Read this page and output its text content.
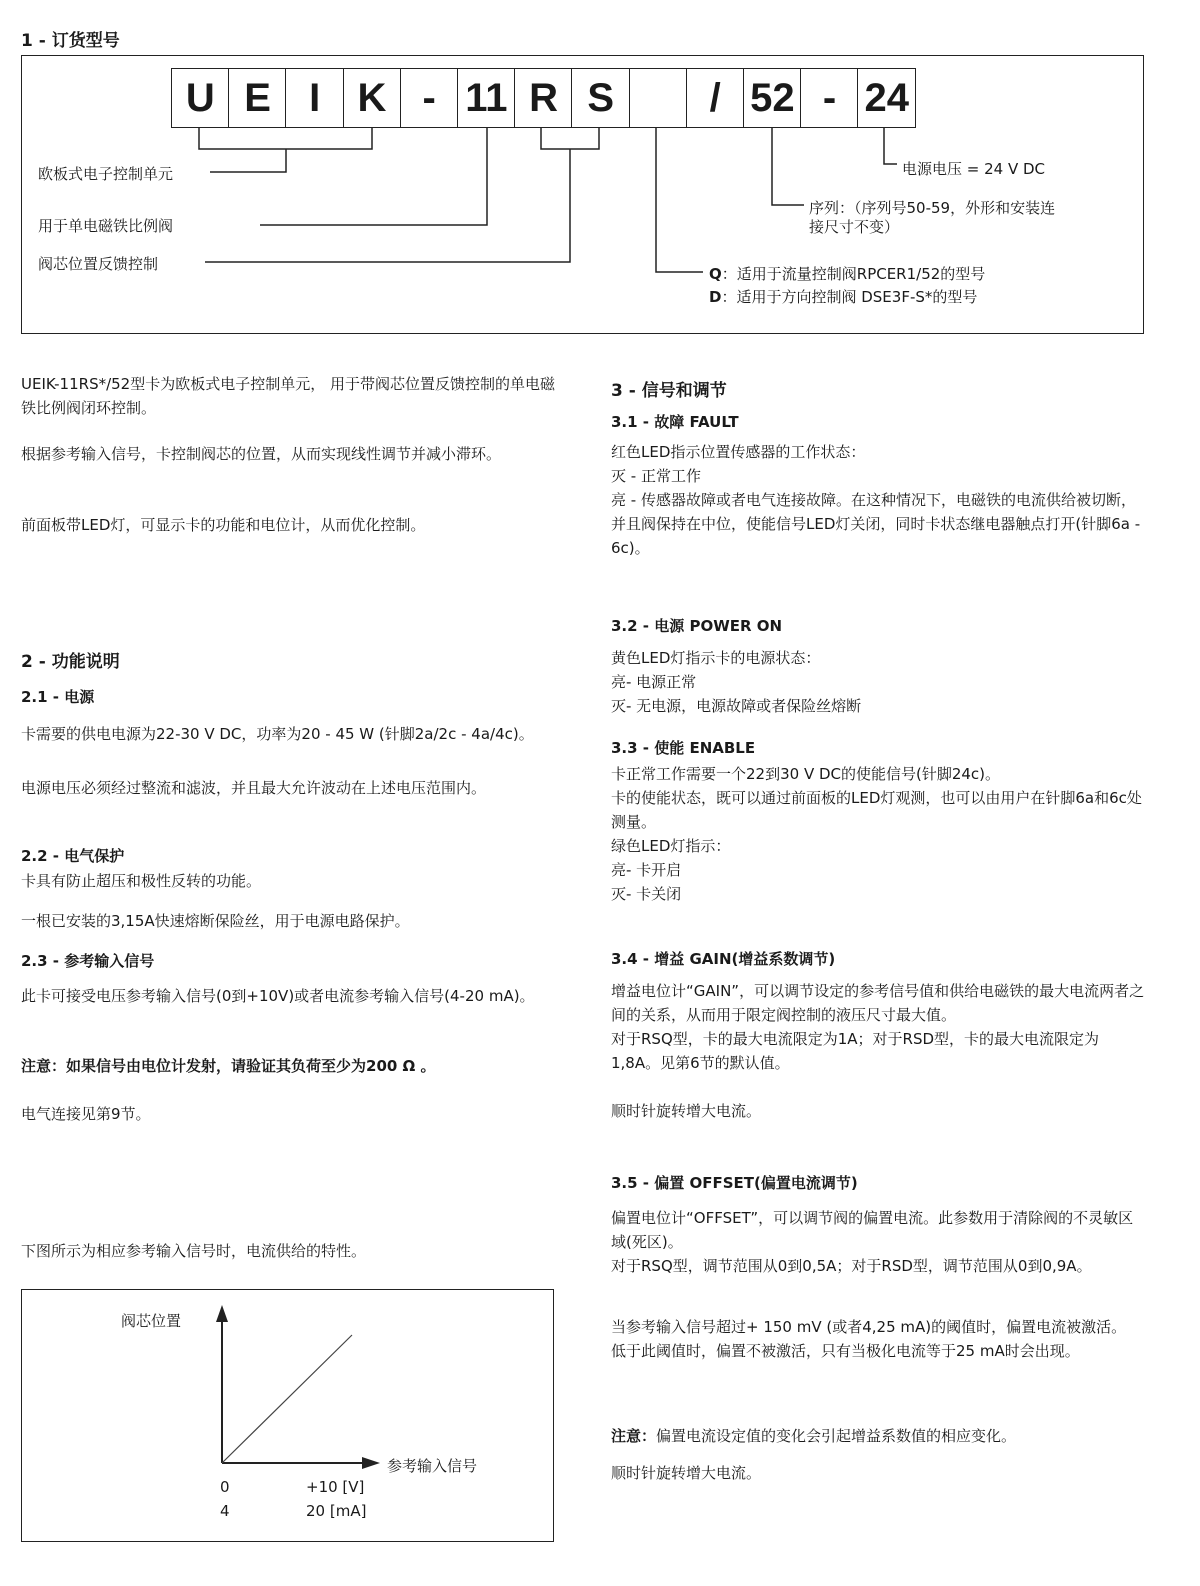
1 - 订货型号
U E I K - 11 R S	/ 52 - 24
欧板式电子控制单元
用于单电磁铁比例阀
阀芯位置反馈控制
电源电压 = 24 V DC
序列：（序列号50-59，外形和安装连
接尺寸不变）
Q：适用于流量控制阀RPCER1/52的型号
D：适用于方向控制阀 DSE3F-S*的型号
UEIK-11RS*/52型卡为欧板式电子控制单元， 用于带阀芯位置反馈控制的单电磁铁比例阀闭环控制。
根据参考输入信号，卡控制阀芯的位置，从而实现线性调节并减小滞环。
前面板带LED灯，可显示卡的功能和电位计，从而优化控制。
2 - 功能说明
2.1 - 电源
卡需要的供电电源为22-30 V DC，功率为20 - 45 W (针脚2a/2c - 4a/4c)。
电源电压必须经过整流和滤波，并且最大允许波动在上述电压范围内。
2.2 - 电气保护
卡具有防止超压和极性反转的功能。
一根已安装的3,15A快速熔断保险丝，用于电源电路保护。
2.3 - 参考输入信号
此卡可接受电压参考输入信号(0到+10V)或者电流参考输入信号(4-20 mA)。
注意：如果信号由电位计发射，请验证其负荷至少为200 Ω 。
电气连接见第9节。
下图所示为相应参考输入信号时，电流供给的特性。
阀芯位置
参考输入信号
0	+10 [V]
4	20 [mA]
3 - 信号和调节
3.1 - 故障 FAULT
红色LED指示位置传感器的工作状态：
灭 - 正常工作
亮 - 传感器故障或者电气连接故障。在这种情况下，电磁铁的电流供给被切断，并且阀保持在中位，使能信号LED灯关闭，同时卡状态继电器触点打开(针脚6a - 6c)。
3.2 - 电源 POWER ON
黄色LED灯指示卡的电源状态：
亮- 电源正常
灭- 无电源，电源故障或者保险丝熔断
3.3 - 使能 ENABLE
卡正常工作需要一个22到30 V DC的使能信号(针脚24c)。
卡的使能状态，既可以通过前面板的LED灯观测，也可以由用户在针脚6a和6c处测量。
绿色LED灯指示：
亮- 卡开启
灭- 卡关闭
3.4 - 增益 GAIN(增益系数调节)
增益电位计“GAIN”，可以调节设定的参考信号值和供给电磁铁的最大电流两者之间的关系，从而用于限定阀控制的液压尺寸最大值。
对于RSQ型，卡的最大电流限定为1A；对于RSD型，卡的最大电流限定为1,8A。见第6节的默认值。
顺时针旋转增大电流。
3.5 - 偏置 OFFSET(偏置电流调节)
偏置电位计“OFFSET”，可以调节阀的偏置电流。此参数用于清除阀的不灵敏区域(死区)。
对于RSQ型，调节范围从0到0,5A；对于RSD型，调节范围从0到0,9A。
当参考输入信号超过+ 150 mV (或者4,25 mA)的阈值时，偏置电流被激活。
低于此阈值时，偏置不被激活，只有当极化电流等于25 mA时会出现。
注意：偏置电流设定值的变化会引起增益系数值的相应变化。
顺时针旋转增大电流。
